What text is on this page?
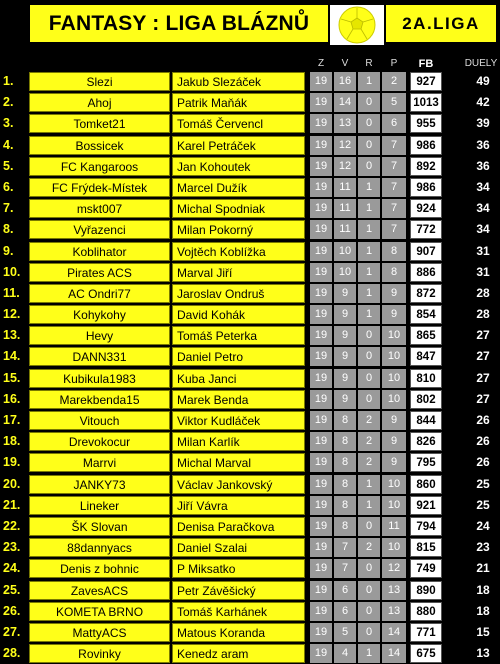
FANTASY : LIGA BLÁZNŮ	2A.LIGA
Z	V	R	P	FB	DUELY
1.	Slezi	Jakub Slezáček	19	16	1	2	927	49
2.	Ahoj	Patrik Maňák	19	14	0	5	1013	42
3.	Tomket21	Tomáš Červencl	19	13	0	6	955	39
4.	Bossicek	Karel Petráček	19	12	0	7	986	36
5.	FC Kangaroos	Jan Kohoutek	19	12	0	7	892	36
6.	FC Frýdek-Místek	Marcel Dužík	19	11	1	7	986	34
7.	mskt007	Michal Spodniak	19	11	1	7	924	34
8.	Vyřazenci	Milan Pokorný	19	11	1	7	772	34
9.	Koblihator	Vojtěch Koblížka	19	10	1	8	907	31
10.	Pirates ACS	Marval Jiří	19	10	1	8	886	31
11.	AC Ondri77	Jaroslav Ondruš	19	9	1	9	872	28
12.	Kohykohy	David Kohák	19	9	1	9	854	28
13.	Hevy	Tomáš Peterka	19	9	0	10	865	27
14.	DANN331	Daniel Petro	19	9	0	10	847	27
15.	Kubikula1983	Kuba Janci	19	9	0	10	810	27
16.	Marekbenda15	Marek Benda	19	9	0	10	802	27
17.	Vitouch	Viktor Kudláček	19	8	2	9	844	26
18.	Drevokocur	Milan Karlík	19	8	2	9	826	26
19.	Marrvi	Michal Marval	19	8	2	9	795	26
20.	JANKY73	Václav Jankovský	19	8	1	10	860	25
21.	Lineker	Jiří Vávra	19	8	1	10	921	25
22.	ŠK Slovan	Denisa Paračkova	19	8	0	11	794	24
23.	88dannyacs	Daniel Szalai	19	7	2	10	815	23
24.	Denis z bohnic	P Miksatko	19	7	0	12	749	21
25.	ZavesACS	Petr Závěšický	19	6	0	13	890	18
26.	KOMETA BRNO	Tomáš Karhánek	19	6	0	13	880	18
27.	MattyACS	Matous Koranda	19	5	0	14	771	15
28.	Rovinky	Kenedz aram	19	4	1	14	675	13
